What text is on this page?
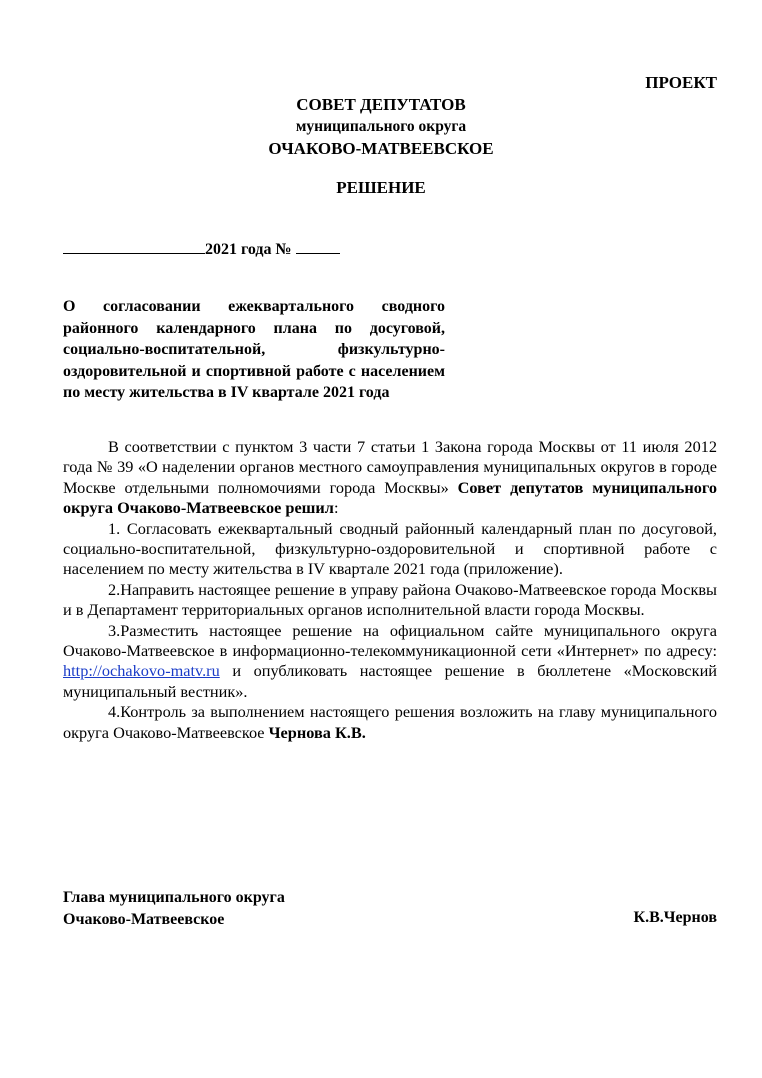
ПРОЕКТ
СОВЕТ ДЕПУТАТОВ
муниципального округа
ОЧАКОВО-МАТВЕЕВСКОЕ
РЕШЕНИЕ
2021 года №
О согласовании ежеквартального сводного районного календарного плана по досуговой, социально-воспитательной, физкультурно-оздоровительной и спортивной работе с населением по месту жительства в IV квартале 2021 года

В соответствии с пунктом 3 части 7 статьи 1 Закона города Москвы от 11 июля 2012 года № 39 «О наделении органов местного самоуправления муниципальных округов в городе Москве отдельными полномочиями города Москвы» Совет депутатов муниципального округа Очаково-Матвеевское решил:

1. Согласовать ежеквартальный сводный районный календарный план по досуговой, социально-воспитательной, физкультурно-оздоровительной и спортивной работе с населением по месту жительства в IV квартале 2021 года (приложение).

2.Направить настоящее решение в управу района Очаково-Матвеевское города Москвы и в Департамент территориальных органов исполнительной власти города Москвы.

3.Разместить настоящее решение на официальном сайте муниципального округа Очаково-Матвеевское в информационно-телекоммуникационной сети «Интернет» по адресу: http://ochakovo-matv.ru и опубликовать настоящее решение в бюллетене «Московский муниципальный вестник».

4.Контроль за выполнением настоящего решения возложить на главу муниципального округа Очаково-Матвеевское Чернова К.В.

Глава муниципального округа
Очаково-Матвеевское	К.В.Чернов
